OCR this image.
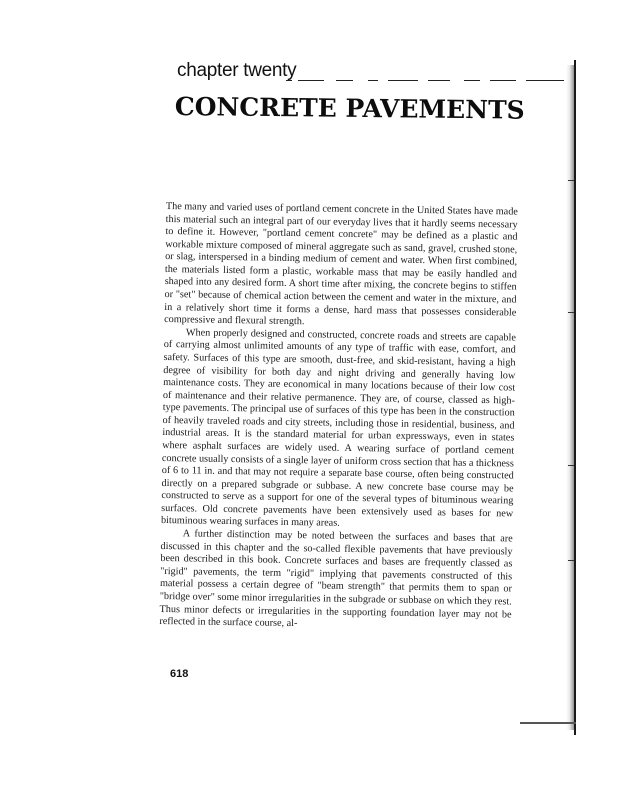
chapter twenty
CONCRETE PAVEMENTS

The many and varied uses of portland cement concrete in the United States have made this material such an integral part of our everyday lives that it hardly seems necessary to define it. However, "portland cement concrete" may be defined as a plastic and workable mixture composed of mineral aggregate such as sand, gravel, crushed stone, or slag, interspersed in a binding medium of cement and water. When first combined, the materials listed form a plastic, workable mass that may be easily handled and shaped into any desired form. A short time after mixing, the concrete begins to stiffen or "set" because of chemical action between the cement and water in the mixture, and in a relatively short time it forms a dense, hard mass that possesses considerable compressive and flexural strength.

When properly designed and constructed, concrete roads and streets are capable of carrying almost unlimited amounts of any type of traffic with ease, comfort, and safety. Surfaces of this type are smooth, dust-free, and skid-resistant, having a high degree of visibility for both day and night driving and generally having low maintenance costs. They are economical in many locations because of their low cost of maintenance and their relative permanence. They are, of course, classed as high-type pavements. The principal use of surfaces of this type has been in the construction of heavily traveled roads and city streets, including those in residential, business, and industrial areas. It is the standard material for urban expressways, even in states where asphalt surfaces are widely used. A wearing surface of portland cement concrete usually consists of a single layer of uniform cross section that has a thickness of 6 to 11 in. and that may not require a separate base course, often being constructed directly on a prepared subgrade or subbase. A new concrete base course may be constructed to serve as a support for one of the several types of bituminous wearing surfaces. Old concrete pavements have been extensively used as bases for new bituminous wearing surfaces in many areas.

A further distinction may be noted between the surfaces and bases that are discussed in this chapter and the so-called flexible pavements that have previously been described in this book. Concrete surfaces and bases are frequently classed as "rigid" pavements, the term "rigid" implying that pavements constructed of this material possess a certain degree of "beam strength" that permits them to span or "bridge over" some minor irregularities in the subgrade or subbase on which they rest. Thus minor defects or irregularities in the supporting foundation layer may not be reflected in the surface course, al-

618
